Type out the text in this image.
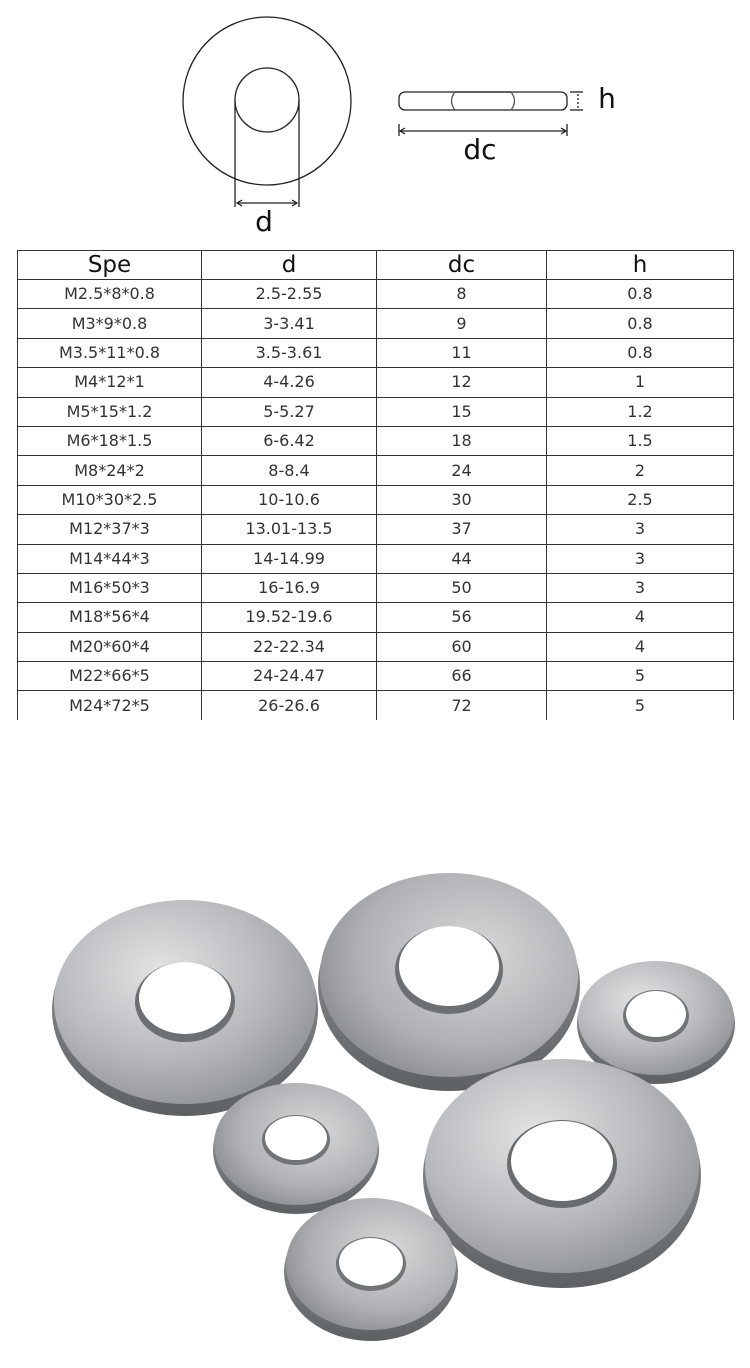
d
dc
h
Spe	d	dc	h
M2.5*8*0.8	2.5-2.55	8	0.8
M3*9*0.8	3-3.41	9	0.8
M3.5*11*0.8	3.5-3.61	11	0.8
M4*12*1	4-4.26	12	1
M5*15*1.2	5-5.27	15	1.2
M6*18*1.5	6-6.42	18	1.5
M8*24*2	8-8.4	24	2
M10*30*2.5	10-10.6	30	2.5
M12*37*3	13.01-13.5	37	3
M14*44*3	14-14.99	44	3
M16*50*3	16-16.9	50	3
M18*56*4	19.52-19.6	56	4
M20*60*4	22-22.34	60	4
M22*66*5	24-24.47	66	5
M24*72*5	26-26.6	72	5
